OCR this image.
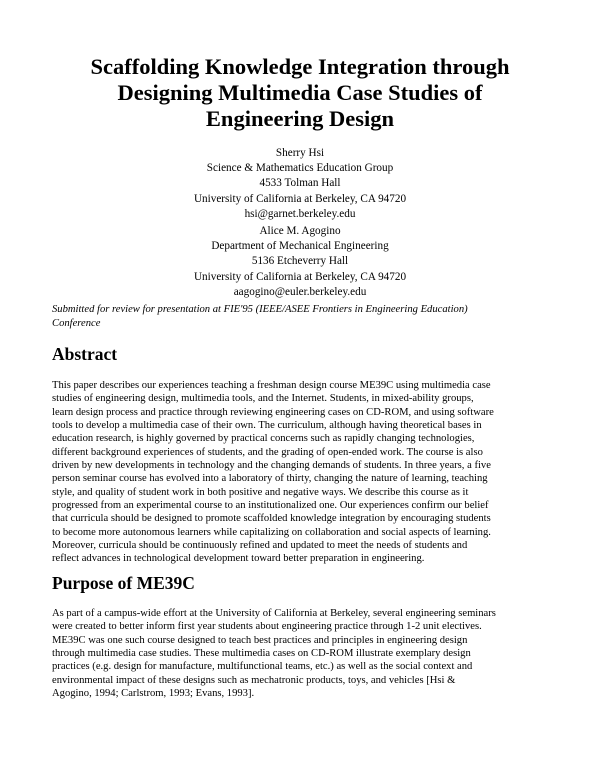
Scaffolding Knowledge Integration through
Designing Multimedia Case Studies of
Engineering Design
Sherry Hsi
Science & Mathematics Education Group
4533 Tolman Hall
University of California at Berkeley, CA 94720
hsi@garnet.berkeley.edu
Alice M. Agogino
Department of Mechanical Engineering
5136 Etcheverry Hall
University of California at Berkeley, CA 94720
aagogino@euler.berkeley.edu

Submitted for review for presentation at FIE'95 (IEEE/ASEE Frontiers in Engineering Education)
Conference

Abstract

This paper describes our experiences teaching a freshman design course ME39C using multimedia case
studies of engineering design, multimedia tools, and the Internet. Students, in mixed-ability groups,
learn design process and practice through reviewing engineering cases on CD-ROM, and using software
tools to develop a multimedia case of their own. The curriculum, although having theoretical bases in
education research, is highly governed by practical concerns such as rapidly changing technologies,
different background experiences of students, and the grading of open-ended work. The course is also
driven by new developments in technology and the changing demands of students. In three years, a five
person seminar course has evolved into a laboratory of thirty, changing the nature of learning, teaching
style, and quality of student work in both positive and negative ways. We describe this course as it
progressed from an experimental course to an institutionalized one. Our experiences confirm our belief
that curricula should be designed to promote scaffolded knowledge integration by encouraging students
to become more autonomous learners while capitalizing on collaboration and social aspects of learning.
Moreover, curricula should be continuously refined and updated to meet the needs of students and
reflect advances in technological development toward better preparation in engineering.

Purpose of ME39C

As part of a campus-wide effort at the University of California at Berkeley, several engineering seminars
were created to better inform first year students about engineering practice through 1-2 unit electives.
ME39C was one such course designed to teach best practices and principles in engineering design
through multimedia case studies. These multimedia cases on CD-ROM illustrate exemplary design
practices (e.g. design for manufacture, multifunctional teams, etc.) as well as the social context and
environmental impact of these designs such as mechatronic products, toys, and vehicles [Hsi &
Agogino, 1994; Carlstrom, 1993; Evans, 1993].
